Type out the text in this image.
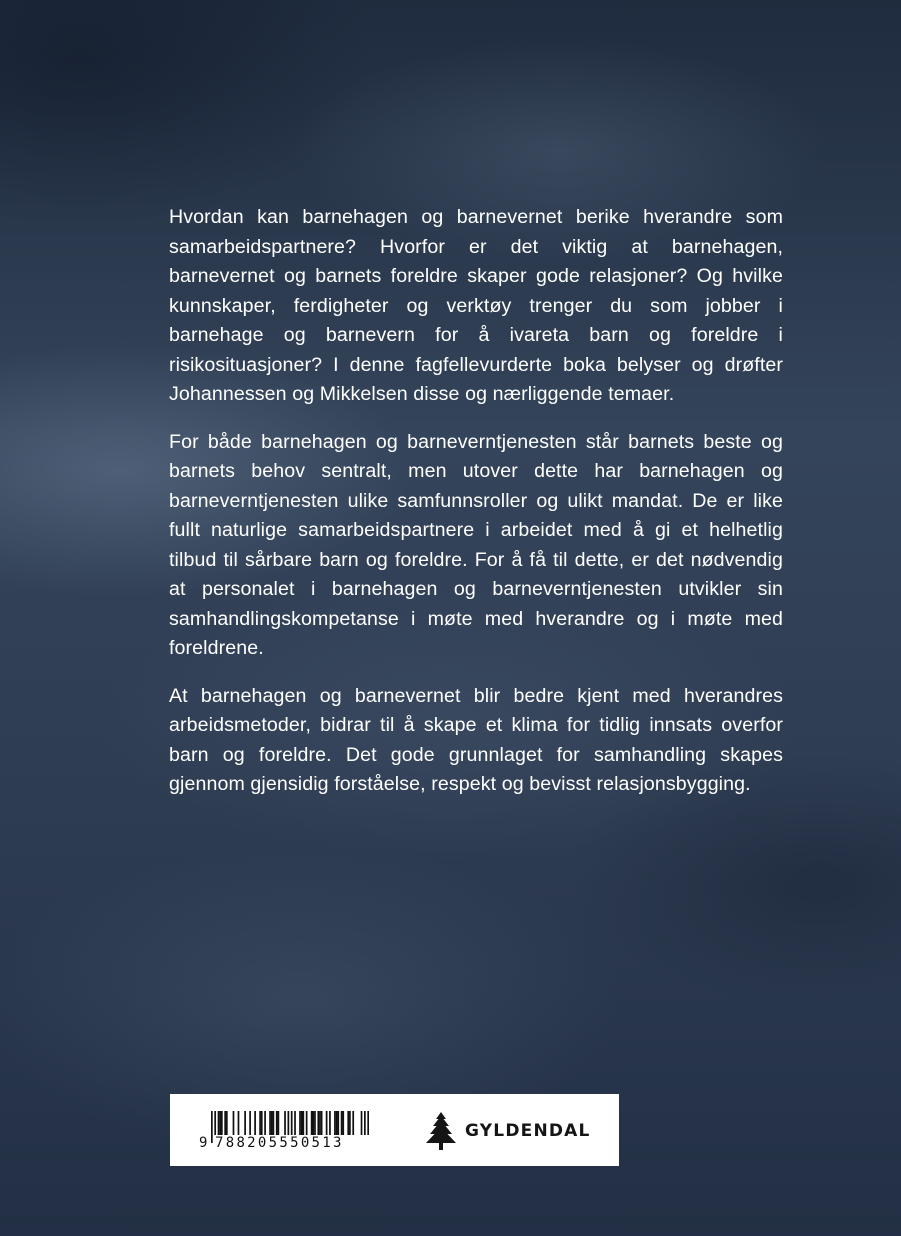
Hvordan kan barnehagen og barnevernet berike hverandre som samarbeidspartnere? Hvorfor er det viktig at barnehagen, barnevernet og barnets foreldre skaper gode relasjoner? Og hvilke kunnskaper, ferdigheter og verktøy trenger du som jobber i barnehage og barnevern for å ivareta barn og foreldre i risikosituasjoner? I denne fagfellevurderte boka belyser og drøfter Johannessen og Mikkelsen disse og nærliggende temaer.

For både barnehagen og barneverntjenesten står barnets beste og barnets behov sentralt, men utover dette har barnehagen og barneverntjenesten ulike samfunnsroller og ulikt mandat. De er like fullt naturlige samarbeidspartnere i arbeidet med å gi et helhetlig tilbud til sårbare barn og foreldre. For å få til dette, er det nødvendig at personalet i barnehagen og barneverntjenesten utvikler sin samhandlingskompetanse i møte med hverandre og i møte med foreldrene.

At barnehagen og barnevernet blir bedre kjent med hverandres arbeidsmetoder, bidrar til å skape et klima for tidlig innsats overfor barn og foreldre. Det gode grunnlaget for samhandling skapes gjennom gjensidig forståelse, respekt og bevisst relasjonsbygging.

9 788205550513
GYLDENDAL
